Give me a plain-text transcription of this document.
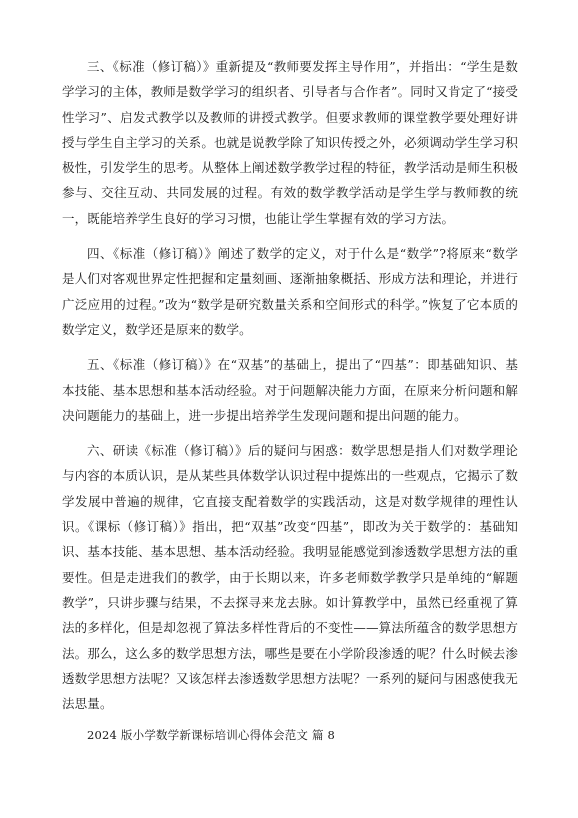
三、《标准（修订稿）》重新提及“教师要发挥主导作用”，并指出：“学生是数学学习的主体，教师是数学学习的组织者、引导者与合作者”。同时又肯定了“接受性学习”、启发式教学以及教师的讲授式教学。但要求教师的课堂教学要处理好讲授与学生自主学习的关系。也就是说教学除了知识传授之外，必须调动学生学习积极性，引发学生的思考。从整体上阐述数学教学过程的特征，教学活动是师生积极参与、交往互动、共同发展的过程。有效的数学教学活动是学生学与教师教的统一，既能培养学生良好的学习习惯，也能让学生掌握有效的学习方法。

四、《标准（修订稿）》阐述了数学的定义，对于什么是“数学”?将原来“数学是人们对客观世界定性把握和定量刻画、逐渐抽象概括、形成方法和理论，并进行广泛应用的过程。”改为“数学是研究数量关系和空间形式的科学。”恢复了它本质的数学定义，数学还是原来的数学。

五、《标准（修订稿）》在“双基”的基础上，提出了“四基”：即基础知识、基本技能、基本思想和基本活动经验。对于问题解决能力方面，在原来分析问题和解决问题能力的基础上，进一步提出培养学生发现问题和提出问题的能力。

六、研读《标准（修订稿）》后的疑问与困惑：数学思想是指人们对数学理论与内容的本质认识，是从某些具体数学认识过程中提炼出的一些观点，它揭示了数学发展中普遍的规律，它直接支配着数学的实践活动，这是对数学规律的理性认识。《课标（修订稿）》指出，把“双基”改变“四基”，即改为关于数学的：基础知识、基本技能、基本思想、基本活动经验。我明显能感觉到渗透数学思想方法的重要性。但是走进我们的教学，由于长期以来，许多老师数学教学只是单纯的“解题教学”，只讲步骤与结果，不去探寻来龙去脉。如计算教学中，虽然已经重视了算法的多样化，但是却忽视了算法多样性背后的不变性——算法所蕴含的数学思想方法。那么，这么多的数学思想方法，哪些是要在小学阶段渗透的呢？什么时候去渗透数学思想方法呢？又该怎样去渗透数学思想方法呢？一系列的疑问与困惑使我无法思量。

2024 版小学数学新课标培训心得体会范文 篇 8
